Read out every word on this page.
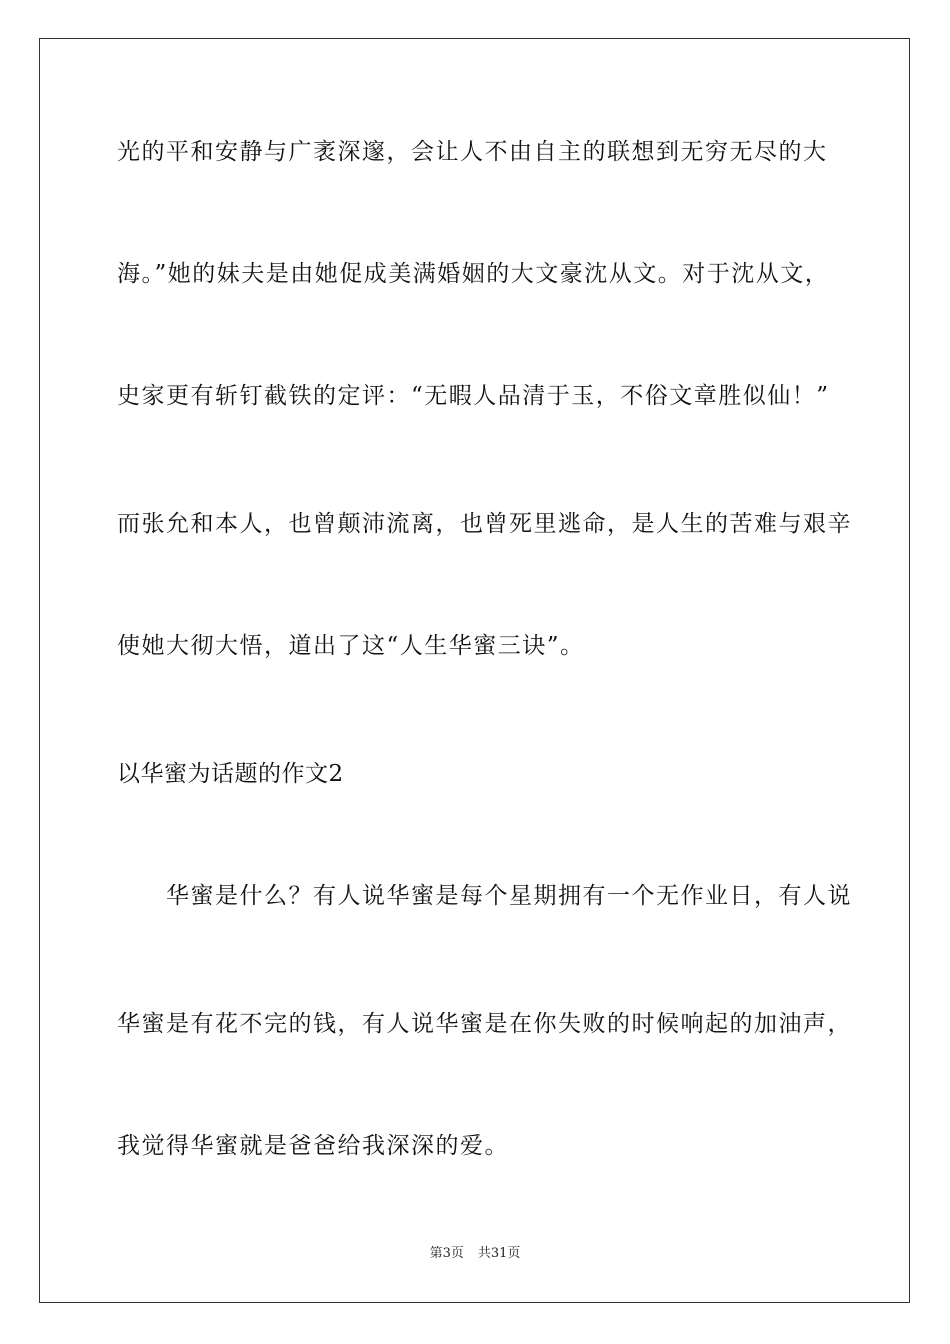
光的平和安静与广袤深邃，会让人不由自主的联想到无穷无尽的大
海。”她的妹夫是由她促成美满婚姻的大文豪沈从文。对于沈从文，
史家更有斩钉截铁的定评：“无暇人品清于玉，不俗文章胜似仙！”
而张允和本人，也曾颠沛流离，也曾死里逃命，是人生的苦难与艰辛
使她大彻大悟，道出了这“人生华蜜三诀”。
以华蜜为话题的作文2
　　华蜜是什么？有人说华蜜是每个星期拥有一个无作业日，有人说
华蜜是有花不完的钱，有人说华蜜是在你失败的时候响起的加油声，
我觉得华蜜就是爸爸给我深深的爱。
第3页 共31页
